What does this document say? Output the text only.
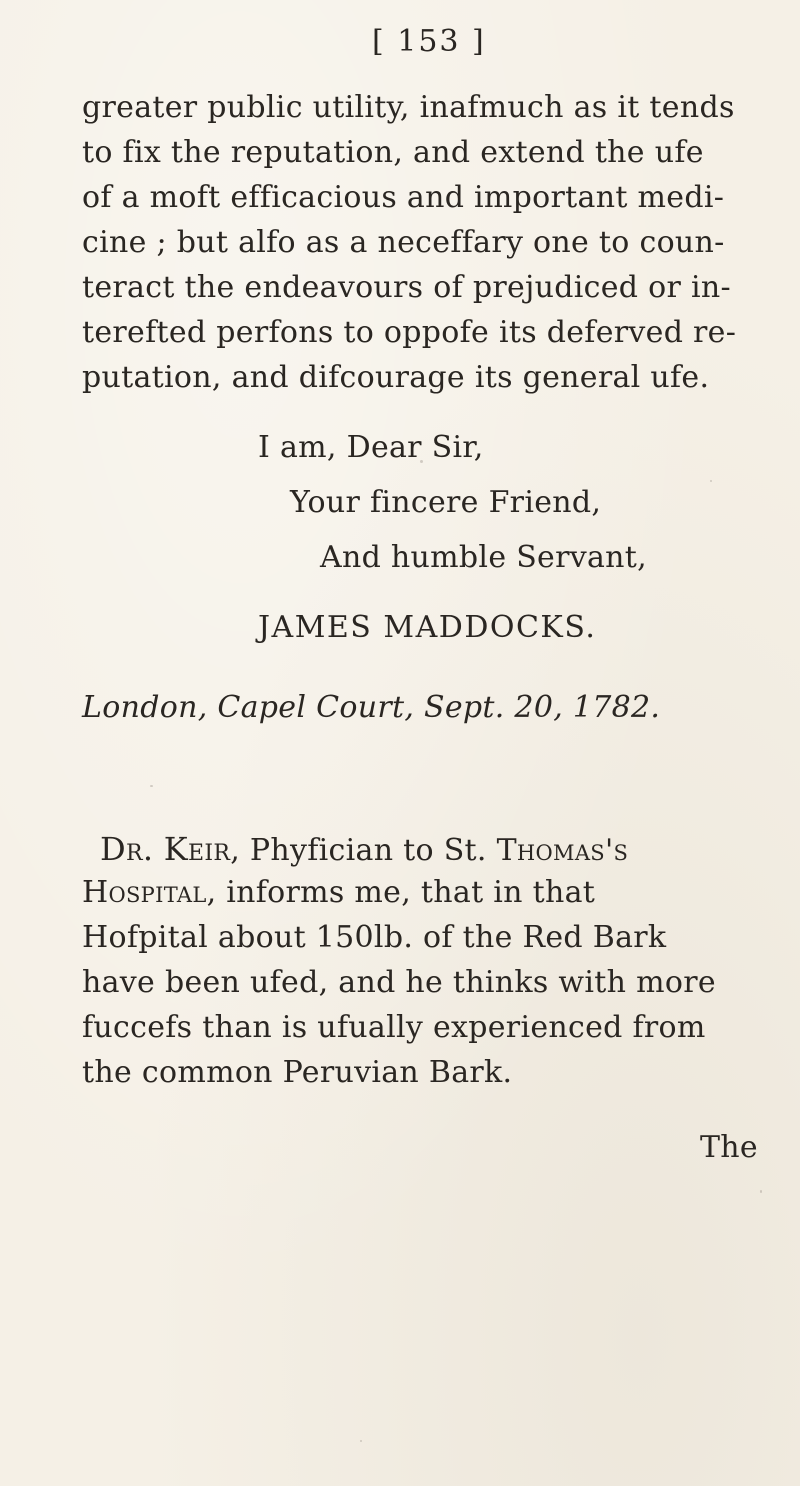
[ 153 ]
greater public utility, inafmuch as it tends
to fix the reputation, and extend the ufe
of a moft efficacious and important medi-
cine ; but alfo as a neceffary one to coun-
teract the endeavours of prejudiced or in-
terefted perfons to oppofe its deferved re-
putation, and difcourage its general ufe.
I am, Dear Sir,
Your fincere Friend,
And humble Servant,
JAMES MADDOCKS.
London, Capel Court, Sept. 20, 1782.
Dr. Keir, Phyfician to St. Thomas's
Hospital, informs me, that in that
Hofpital about 150lb. of the Red Bark
have been ufed, and he thinks with more
fuccefs than is ufually experienced from
the common Peruvian Bark.
The
